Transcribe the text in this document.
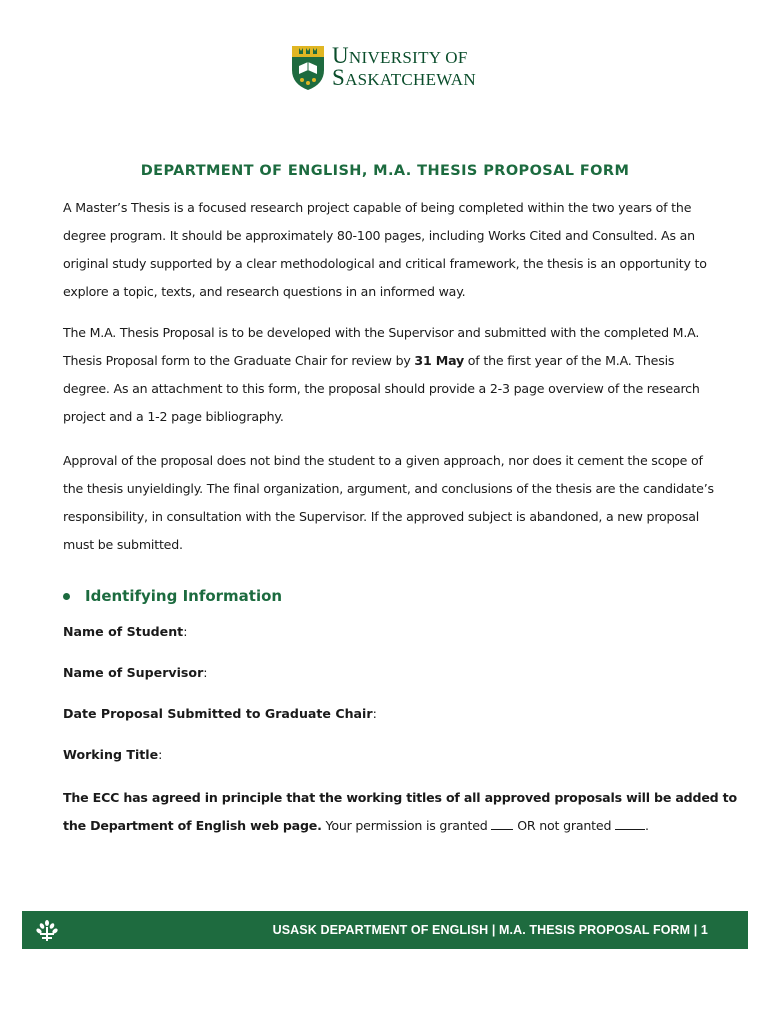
UNIVERSITY OF
SASKATCHEWAN
DEPARTMENT OF ENGLISH, M.A. THESIS PROPOSAL FORM

A Master’s Thesis is a focused research project capable of being completed within the two years of the degree program. It should be approximately 80-100 pages, including Works Cited and Consulted. As an original study supported by a clear methodological and critical framework, the thesis is an opportunity to explore a topic, texts, and research questions in an informed way.

The M.A. Thesis Proposal is to be developed with the Supervisor and submitted with the completed M.A. Thesis Proposal form to the Graduate Chair for review by 31 May of the first year of the M.A. Thesis degree. As an attachment to this form, the proposal should provide a 2-3 page overview of the research project and a 1-2 page bibliography.

Approval of the proposal does not bind the student to a given approach, nor does it cement the scope of the thesis unyieldingly. The final organization, argument, and conclusions of the thesis are the candidate’s responsibility, in consultation with the Supervisor. If the approved subject is abandoned, a new proposal must be submitted.

Identifying Information

Name of Student:

Name of Supervisor:

Date Proposal Submitted to Graduate Chair:

Working Title:

The ECC has agreed in principle that the working titles of all approved proposals will be added to the Department of English web page. Your permission is granted  OR not granted .

USASK DEPARTMENT OF ENGLISH | M.A. THESIS PROPOSAL FORM | 1
